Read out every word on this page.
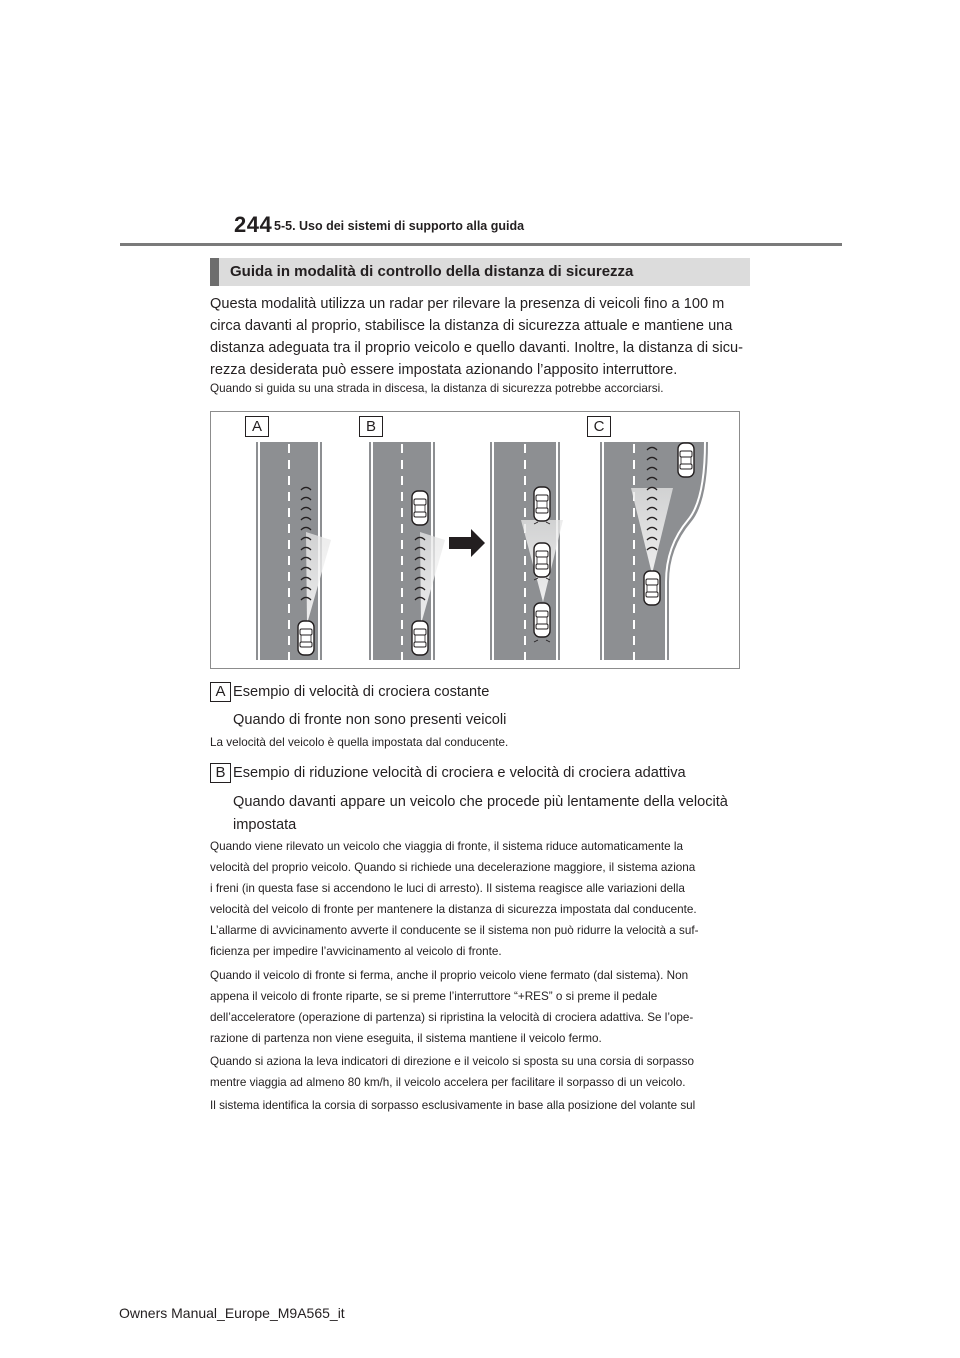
244 5-5. Uso dei sistemi di supporto alla guida
Guida in modalità di controllo della distanza di sicurezza
Questa modalità utilizza un radar per rilevare la presenza di veicoli fino a 100 m
circa davanti al proprio, stabilisce la distanza di sicurezza attuale e mantiene una
distanza adeguata tra il proprio veicolo e quello davanti. Inoltre, la distanza di sicu-
rezza desiderata può essere impostata azionando l’apposito interruttore.
Quando si guida su una strada in discesa, la distanza di sicurezza potrebbe accorciarsi.
A	B	C
A Esempio di velocità di crociera costante
Quando di fronte non sono presenti veicoli
La velocità del veicolo è quella impostata dal conducente.
B Esempio di riduzione velocità di crociera e velocità di crociera adattiva
Quando davanti appare un veicolo che procede più lentamente della velocità
impostata
Quando viene rilevato un veicolo che viaggia di fronte, il sistema riduce automaticamente la
velocità del proprio veicolo. Quando si richiede una decelerazione maggiore, il sistema aziona
i freni (in questa fase si accendono le luci di arresto). Il sistema reagisce alle variazioni della
velocità del veicolo di fronte per mantenere la distanza di sicurezza impostata dal conducente.
L’allarme di avvicinamento avverte il conducente se il sistema non può ridurre la velocità a suf-
ficienza per impedire l’avvicinamento al veicolo di fronte.
Quando il veicolo di fronte si ferma, anche il proprio veicolo viene fermato (dal sistema). Non
appena il veicolo di fronte riparte, se si preme l’interruttore “+RES” o si preme il pedale
dell’acceleratore (operazione di partenza) si ripristina la velocità di crociera adattiva. Se l’ope-
razione di partenza non viene eseguita, il sistema mantiene il veicolo fermo.
Quando si aziona la leva indicatori di direzione e il veicolo si sposta su una corsia di sorpasso
mentre viaggia ad almeno 80 km/h, il veicolo accelera per facilitare il sorpasso di un veicolo.
Il sistema identifica la corsia di sorpasso esclusivamente in base alla posizione del volante sul
Owners Manual_Europe_M9A565_it
